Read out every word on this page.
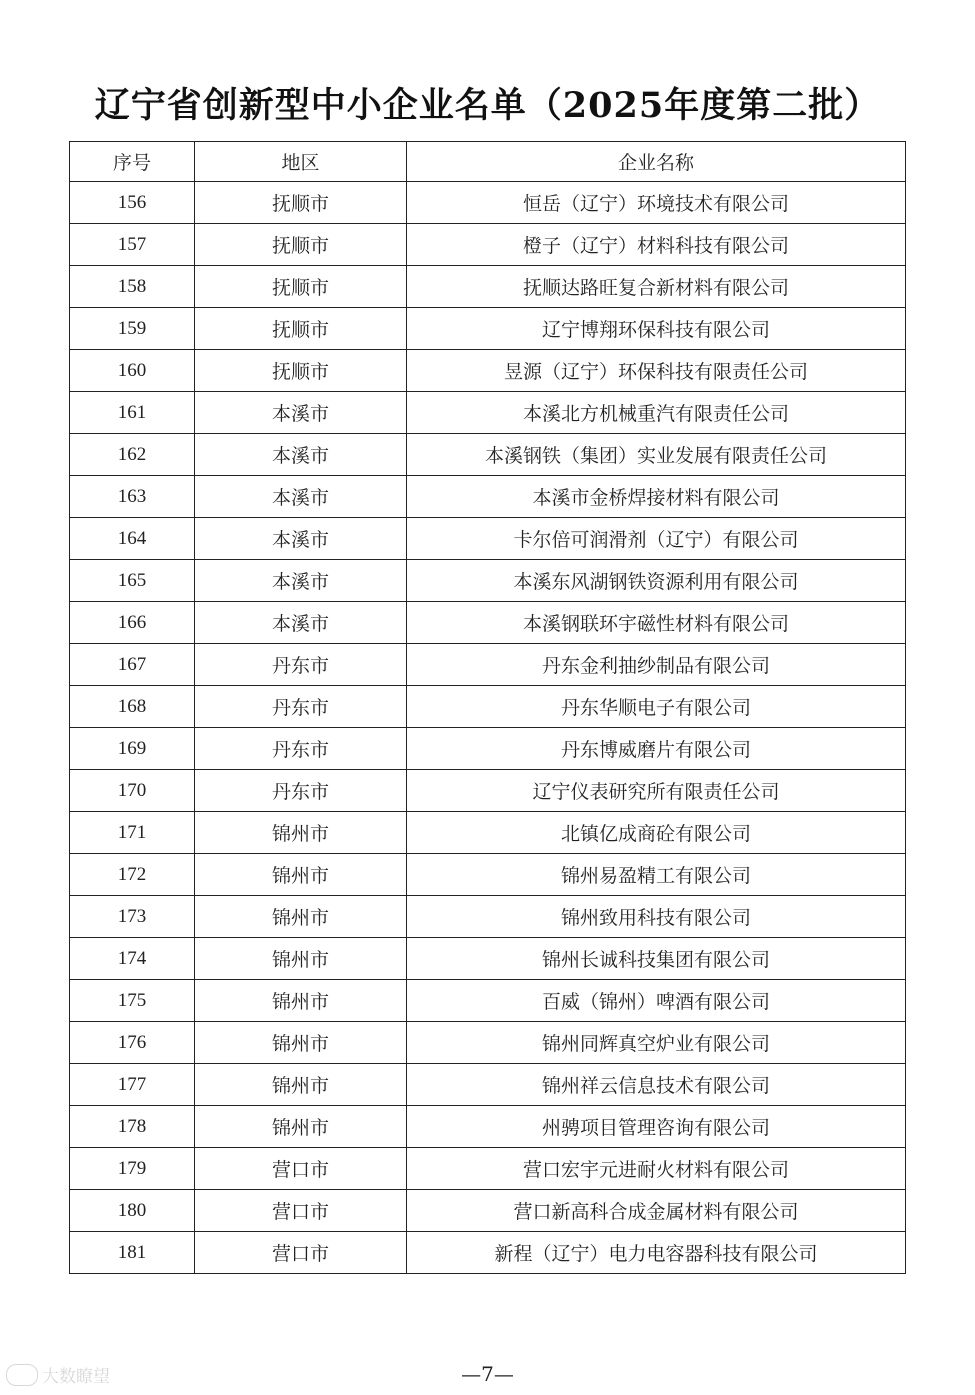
辽宁省创新型中小企业名单（2025年度第二批）
序号	地区	企业名称
156	抚顺市	恒岳（辽宁）环境技术有限公司
157	抚顺市	橙子（辽宁）材料科技有限公司
158	抚顺市	抚顺达路旺复合新材料有限公司
159	抚顺市	辽宁博翔环保科技有限公司
160	抚顺市	昱源（辽宁）环保科技有限责任公司
161	本溪市	本溪北方机械重汽有限责任公司
162	本溪市	本溪钢铁（集团）实业发展有限责任公司
163	本溪市	本溪市金桥焊接材料有限公司
164	本溪市	卡尔倍可润滑剂（辽宁）有限公司
165	本溪市	本溪东风湖钢铁资源利用有限公司
166	本溪市	本溪钢联环宇磁性材料有限公司
167	丹东市	丹东金利抽纱制品有限公司
168	丹东市	丹东华顺电子有限公司
169	丹东市	丹东博威磨片有限公司
170	丹东市	辽宁仪表研究所有限责任公司
171	锦州市	北镇亿成商砼有限公司
172	锦州市	锦州易盈精工有限公司
173	锦州市	锦州致用科技有限公司
174	锦州市	锦州长诚科技集团有限公司
175	锦州市	百威（锦州）啤酒有限公司
176	锦州市	锦州同辉真空炉业有限公司
177	锦州市	锦州祥云信息技术有限公司
178	锦州市	州骋项目管理咨询有限公司
179	营口市	营口宏宇元进耐火材料有限公司
180	营口市	营口新高科合成金属材料有限公司
181	营口市	新程（辽宁）电力电容器科技有限公司
—7—
大数瞭望
